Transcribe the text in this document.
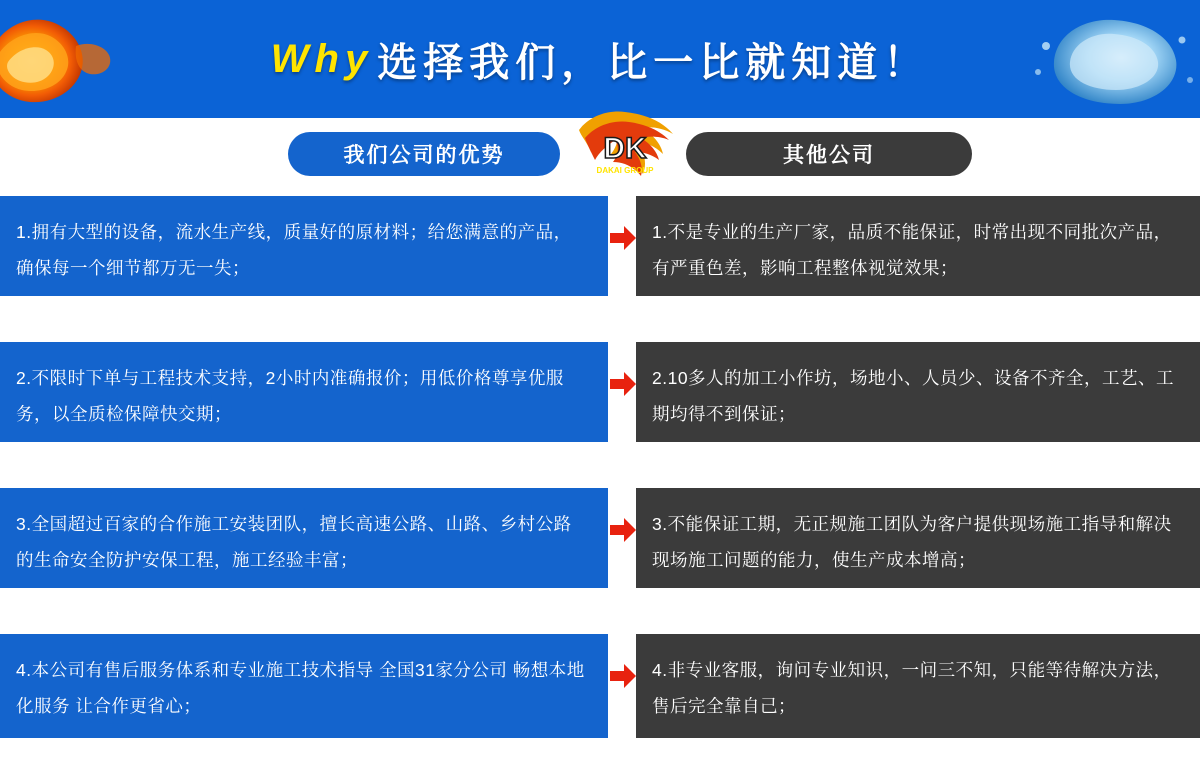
Why 选择我们，比一比就知道！
我们公司的优势	其他公司
DK
DAKAI GROUP
1.拥有大型的设备，流水生产线，质量好的原材料；给您满意的产品，确保每一个细节都万无一失；
1.不是专业的生产厂家，品质不能保证，时常出现不同批次产品，有严重色差，影响工程整体视觉效果；
2.不限时下单与工程技术支持，2小时内准确报价；用低价格尊享优服务，以全质检保障快交期；
2.10多人的加工小作坊，场地小、人员少、设备不齐全，工艺、工期均得不到保证；
3.全国超过百家的合作施工安装团队，擅长高速公路、山路、乡村公路的生命安全防护安保工程，施工经验丰富；
3.不能保证工期，无正规施工团队为客户提供现场施工指导和解决现场施工问题的能力，使生产成本增高；
4.本公司有售后服务体系和专业施工技术指导 全国31家分公司 畅想本地化服务 让合作更省心；
4.非专业客服，询问专业知识，一问三不知，只能等待解决方法，售后完全靠自己；
